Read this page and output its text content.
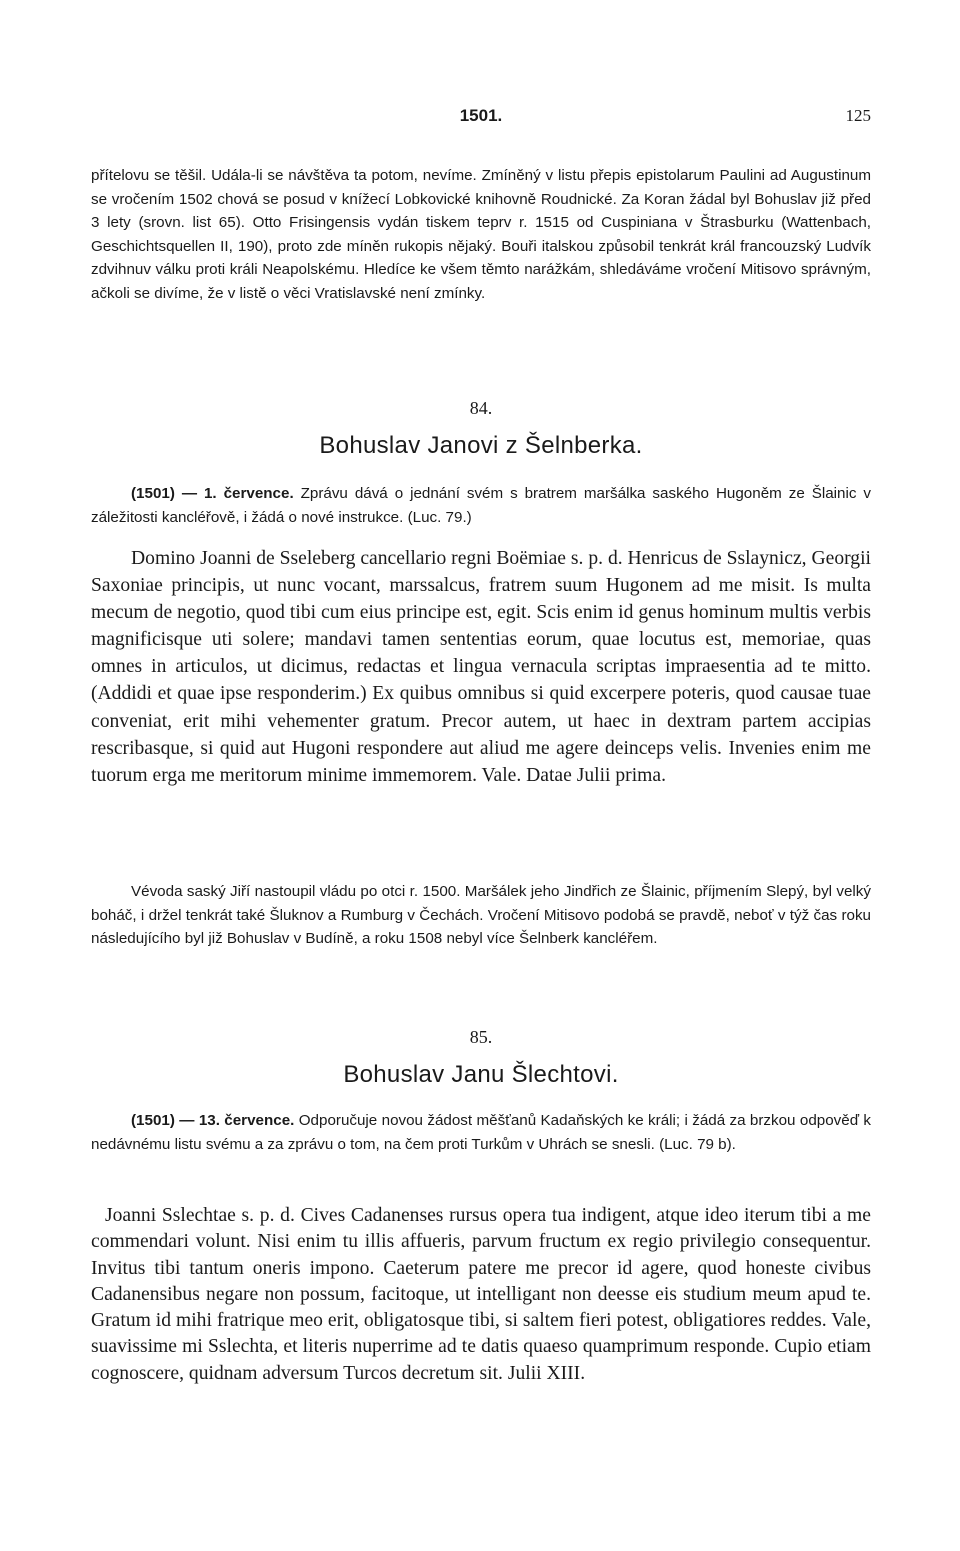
1501.	125

přítelovu se těšil. Udála-li se návštěva ta potom, nevíme. Zmíněný v listu přepis epistolarum Paulini ad Augustinum se vročením 1502 chová se posud v knížecí Lobkovické knihovně Roudnické. Za Koran žádal byl Bohuslav již před 3 lety (srovn. list 65). Otto Frisingensis vydán tiskem teprv r. 1515 od Cuspiniana v Štrasburku (Wattenbach, Geschichtsquellen II, 190), proto zde míněn rukopis nějaký. Bouři italskou způsobil tenkrát král francouzský Ludvík zdvihnuv válku proti králi Neapolskému. Hledíce ke všem těmto narážkám, shledáváme vročení Mitisovo správným, ačkoli se divíme, že v listě o věci Vratislavské není zmínky.

84.
Bohuslav Janovi z Šelnberka.

(1501) — 1. července. Zprávu dává o jednání svém s bratrem maršálka saského Hugoněm ze Šlainic v záležitosti kancléřově, i žádá o nové instrukce. (Luc. 79.)

Domino Joanni de Sseleberg cancellario regni Boëmiae s. p. d. Henricus de Sslaynicz, Georgii Saxoniae principis, ut nunc vocant, marssalcus, fratrem suum Hugonem ad me misit. Is multa mecum de negotio, quod tibi cum eius principe est, egit. Scis enim id genus hominum multis verbis magnificisque uti solere; mandavi tamen sententias eorum, quae locutus est, memoriae, quas omnes in articulos, ut dicimus, redactas et lingua vernacula scriptas impraesentia ad te mitto. (Addidi et quae ipse responderim.) Ex quibus omnibus si quid excerpere poteris, quod causae tuae conveniat, erit mihi vehementer gratum. Precor autem, ut haec in dextram partem accipias rescribasque, si quid aut Hugoni respondere aut aliud me agere deinceps velis. Invenies enim me tuorum erga me meritorum minime immemorem. Vale. Datae Julii prima.

Vévoda saský Jiří nastoupil vládu po otci r. 1500. Maršálek jeho Jindřich ze Šlainic, příjmením Slepý, byl velký boháč, i držel tenkrát také Šluknov a Rumburg v Čechách. Vročení Mitisovo podobá se pravdě, neboť v týž čas roku následujícího byl již Bohuslav v Budíně, a roku 1508 nebyl více Šelnberk kancléřem.

85.
Bohuslav Janu Šlechtovi.

(1501) — 13. července. Odporučuje novou žádost měšťanů Kadaňských ke králi; i žádá za brzkou odpověď k nedávnému listu svému a za zprávu o tom, na čem proti Turkům v Uhrách se snesli. (Luc. 79 b).

Joanni Sslechtae s. p. d. Cives Cadanenses rursus opera tua indigent, atque ideo iterum tibi a me commendari volunt. Nisi enim tu illis affueris, parvum fructum ex regio privilegio consequentur. Invitus tibi tantum oneris impono. Caeterum patere me precor id agere, quod honeste civibus Cadanensibus negare non possum, facitoque, ut intelligant non deesse eis studium meum apud te. Gratum id mihi fratrique meo erit, obligatosque tibi, si saltem fieri potest, obligatiores reddes. Vale, suavissime mi Sslechta, et literis nuperrime ad te datis quaeso quamprimum responde. Cupio etiam cognoscere, quidnam adversum Turcos decretum sit. Julii XIII.
